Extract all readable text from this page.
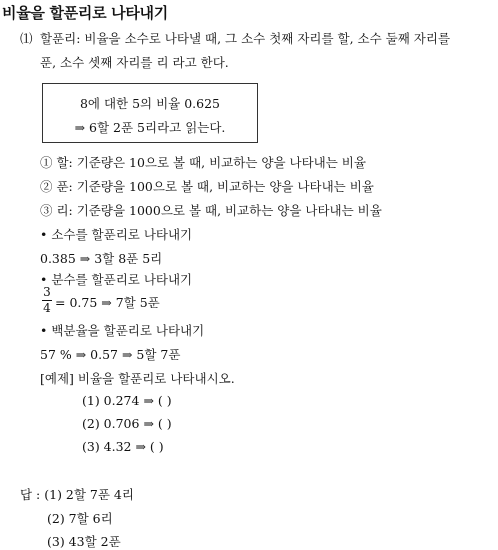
비율을 할푼리로 나타내기
⑴ 할푼리: 비율을 소수로 나타낼 때, 그 소수 첫째 자리를 할, 소수 둘째 자리를
푼, 소수 셋째 자리를 리 라고 한다.
8에 대한 5의 비율 0.625
⇒ 6할 2푼 5리라고 읽는다.
① 할: 기준량은 10으로 볼 때, 비교하는 양을 나타내는 비율
② 푼: 기준량을 100으로 볼 때, 비교하는 양을 나타내는 비율
③ 리: 기준량을 1000으로 볼 때, 비교하는 양을 나타내는 비율
• 소수를 할푼리로 나타내기
0.385 ⇒ 3할 8푼 5리
• 분수를 할푼리로 나타내기
3
4 = 0.75 ⇒ 7할 5푼
• 백분율을 할푼리로 나타내기
57 % ⇒ 0.57 ⇒ 5할 7푼
[예제] 비율을 할푼리로 나타내시오.
(1) 0.274 ⇒ ( )
(2) 0.706 ⇒ ( )
(3) 4.32 ⇒ ( )
답 : (1) 2할 7푼 4리
(2) 7할 6리
(3) 43할 2푼
